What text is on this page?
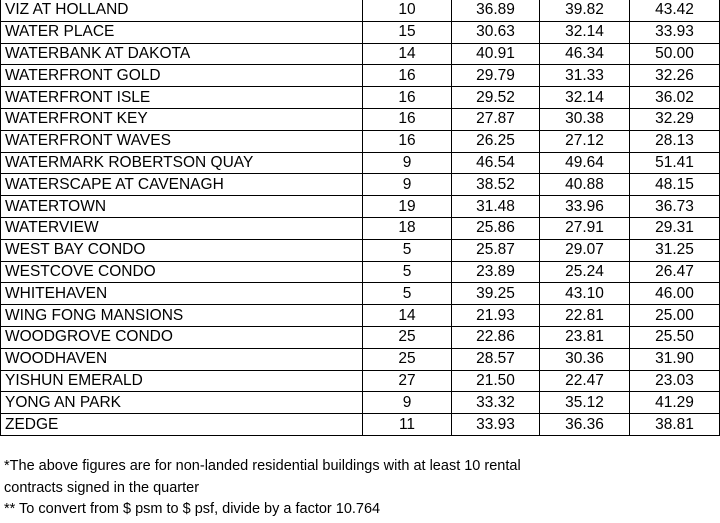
VIZ AT HOLLAND	10	36.89	39.82	43.42
WATER PLACE	15	30.63	32.14	33.93
WATERBANK AT DAKOTA	14	40.91	46.34	50.00
WATERFRONT GOLD	16	29.79	31.33	32.26
WATERFRONT ISLE	16	29.52	32.14	36.02
WATERFRONT KEY	16	27.87	30.38	32.29
WATERFRONT WAVES	16	26.25	27.12	28.13
WATERMARK ROBERTSON QUAY	9	46.54	49.64	51.41
WATERSCAPE AT CAVENAGH	9	38.52	40.88	48.15
WATERTOWN	19	31.48	33.96	36.73
WATERVIEW	18	25.86	27.91	29.31
WEST BAY CONDO	5	25.87	29.07	31.25
WESTCOVE CONDO	5	23.89	25.24	26.47
WHITEHAVEN	5	39.25	43.10	46.00
WING FONG MANSIONS	14	21.93	22.81	25.00
WOODGROVE CONDO	25	22.86	23.81	25.50
WOODHAVEN	25	28.57	30.36	31.90
YISHUN EMERALD	27	21.50	22.47	23.03
YONG AN PARK	9	33.32	35.12	41.29
ZEDGE	11	33.93	36.36	38.81
*The above figures are for non-landed residential buildings with at least 10 rental
contracts signed in the quarter
** To convert from $ psm to $ psf, divide by a factor 10.764
